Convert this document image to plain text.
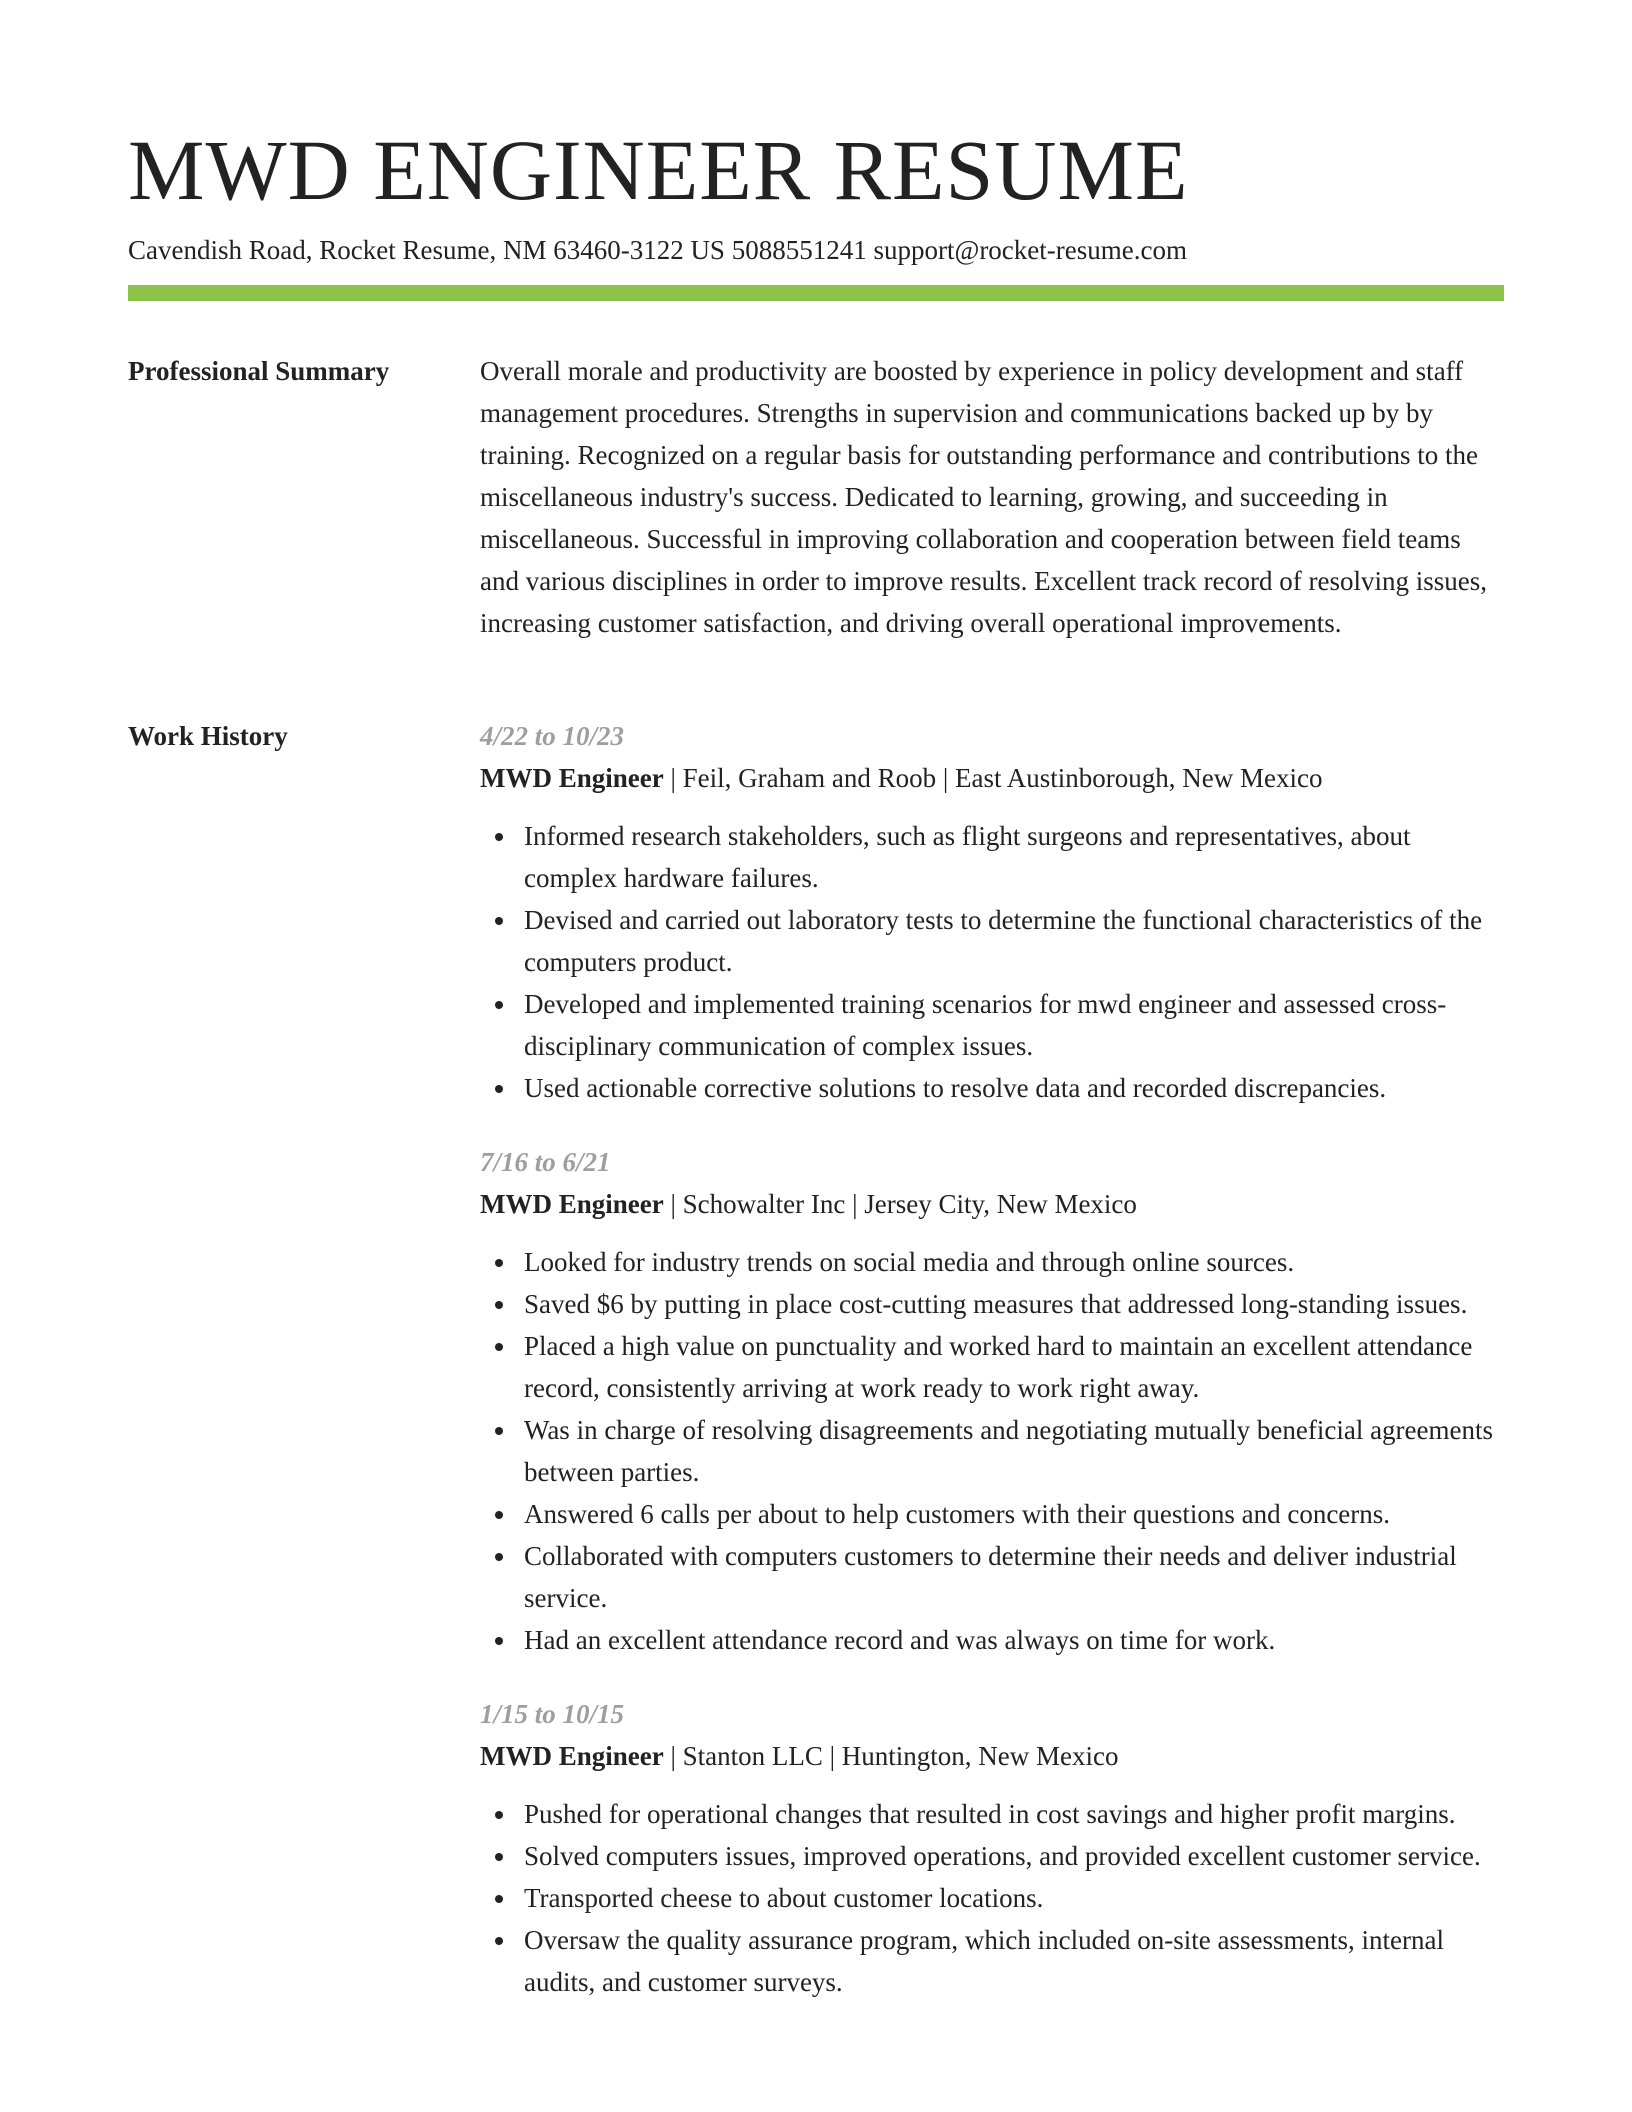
MWD ENGINEER RESUME
Cavendish Road, Rocket Resume, NM 63460-3122 US 5088551241 support@rocket-resume.com
Professional Summary	Overall morale and productivity are boosted by experience in policy development and staff management procedures. Strengths in supervision and communications backed up by by training. Recognized on a regular basis for outstanding performance and contributions to the miscellaneous industry's success. Dedicated to learning, growing, and succeeding in miscellaneous. Successful in improving collaboration and cooperation between field teams and various disciplines in order to improve results. Excellent track record of resolving issues, increasing customer satisfaction, and driving overall operational improvements.
Work History	4/22 to 10/23
MWD Engineer | Feil, Graham and Roob | East Austinborough, New Mexico
Informed research stakeholders, such as flight surgeons and representatives, about complex hardware failures.
Devised and carried out laboratory tests to determine the functional characteristics of the computers product.
Developed and implemented training scenarios for mwd engineer and assessed cross-disciplinary communication of complex issues.
Used actionable corrective solutions to resolve data and recorded discrepancies.
7/16 to 6/21
MWD Engineer | Schowalter Inc | Jersey City, New Mexico
Looked for industry trends on social media and through online sources.
Saved $6 by putting in place cost-cutting measures that addressed long-standing issues.
Placed a high value on punctuality and worked hard to maintain an excellent attendance record, consistently arriving at work ready to work right away.
Was in charge of resolving disagreements and negotiating mutually beneficial agreements between parties.
Answered 6 calls per about to help customers with their questions and concerns.
Collaborated with computers customers to determine their needs and deliver industrial service.
Had an excellent attendance record and was always on time for work.
1/15 to 10/15
MWD Engineer | Stanton LLC | Huntington, New Mexico
Pushed for operational changes that resulted in cost savings and higher profit margins.
Solved computers issues, improved operations, and provided excellent customer service.
Transported cheese to about customer locations.
Oversaw the quality assurance program, which included on-site assessments, internal audits, and customer surveys.
